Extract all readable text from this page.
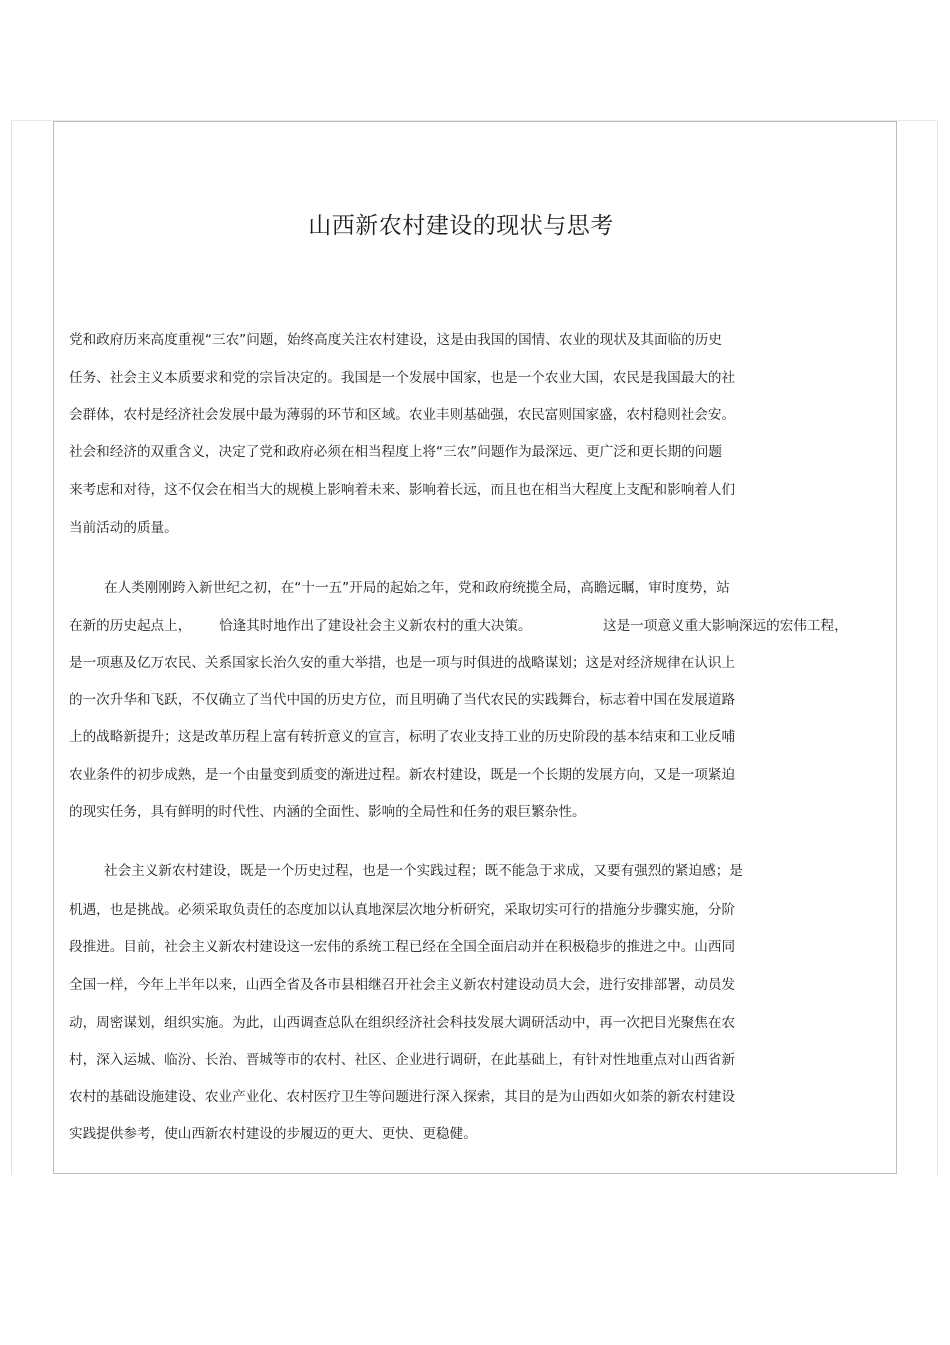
山西新农村建设的现状与思考

党和政府历来高度重视“三农”问题，始终高度关注农村建设，这是由我国的国情、农业的现状及其面临的历史

任务、社会主义本质要求和党的宗旨决定的。我国是一个发展中国家，也是一个农业大国，农民是我国最大的社

会群体，农村是经济社会发展中最为薄弱的环节和区域。农业丰则基础强，农民富则国家盛，农村稳则社会安。

社会和经济的双重含义，决定了党和政府必须在相当程度上将“三农”问题作为最深远、更广泛和更长期的问题

来考虑和对待，这不仅会在相当大的规模上影响着未来、影响着长远，而且也在相当大程度上支配和影响着人们

当前活动的质量。

在人类刚刚跨入新世纪之初，在“十一五”开局的起始之年，党和政府统揽全局，高瞻远瞩，审时度势，站

在新的历史起点上， 恰逢其时地作出了建设社会主义新农村的重大决策。	这是一项意义重大影响深远的宏伟工程，

是一项惠及亿万农民、关系国家长治久安的重大举措，也是一项与时俱进的战略谋划；这是对经济规律在认识上

的一次升华和飞跃，不仅确立了当代中国的历史方位，而且明确了当代农民的实践舞台，标志着中国在发展道路

上的战略新提升；这是改革历程上富有转折意义的宣言，标明了农业支持工业的历史阶段的基本结束和工业反哺

农业条件的初步成熟，是一个由量变到质变的渐进过程。新农村建设，既是一个长期的发展方向，又是一项紧迫

的现实任务，具有鲜明的时代性、内涵的全面性、影响的全局性和任务的艰巨繁杂性。

社会主义新农村建设，既是一个历史过程，也是一个实践过程；既不能急于求成，又要有强烈的紧迫感；是

机遇，也是挑战。必须采取负责任的态度加以认真地深层次地分析研究，采取切实可行的措施分步骤实施，分阶

段推进。目前，社会主义新农村建设这一宏伟的系统工程已经在全国全面启动并在积极稳步的推进之中。山西同

全国一样，今年上半年以来，山西全省及各市县相继召开社会主义新农村建设动员大会，进行安排部署，动员发

动，周密谋划，组织实施。为此，山西调查总队在组织经济社会科技发展大调研活动中，再一次把目光聚焦在农

村，深入运城、临汾、长治、晋城等市的农村、社区、企业进行调研，在此基础上，有针对性地重点对山西省新

农村的基础设施建设、农业产业化、农村医疗卫生等问题进行深入探索，其目的是为山西如火如荼的新农村建设

实践提供参考，使山西新农村建设的步履迈的更大、更快、更稳健。
